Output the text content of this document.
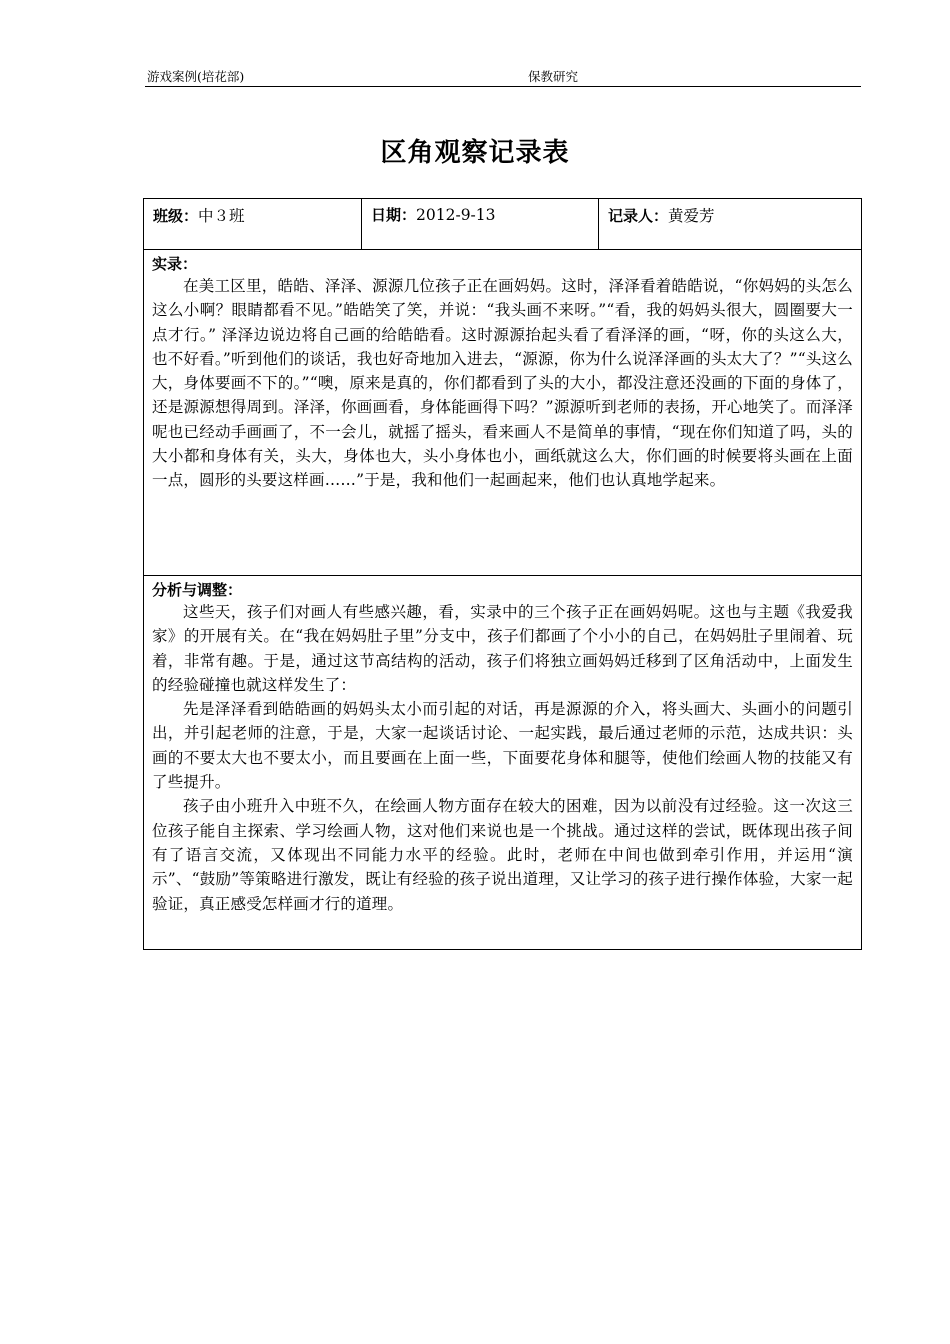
游戏案例(培花部)	保教研究
区角观察记录表
班级：中３班	日期：2012-9-13	记录人：黄爱芳
实录：

在美工区里，皓皓、泽泽、源源几位孩子正在画妈妈。这时，泽泽看着皓皓说，“你妈妈的头怎么这么小啊？眼睛都看不见。”皓皓笑了笑，并说：“我头画不来呀。”“看，我的妈妈头很大，圆圈要大一点才行。” 泽泽边说边将自己画的给皓皓看。这时源源抬起头看了看泽泽的画，“呀，你的头这么大，也不好看。”听到他们的谈话，我也好奇地加入进去，“源源，你为什么说泽泽画的头太大了？”“头这么大，身体要画不下的。”“噢，原来是真的，你们都看到了头的大小，都没注意还没画的下面的身体了，还是源源想得周到。泽泽，你画画看，身体能画得下吗？”源源听到老师的表扬，开心地笑了。而泽泽呢也已经动手画画了，不一会儿，就摇了摇头，看来画人不是简单的事情，“现在你们知道了吗，头的大小都和身体有关，头大，身体也大，头小身体也小，画纸就这么大，你们画的时候要将头画在上面一点，圆形的头要这样画……”于是，我和他们一起画起来，他们也认真地学起来。

分析与调整：

这些天，孩子们对画人有些感兴趣，看，实录中的三个孩子正在画妈妈呢。这也与主题《我爱我家》的开展有关。在“我在妈妈肚子里”分支中，孩子们都画了个小小的自己，在妈妈肚子里闹着、玩着，非常有趣。于是，通过这节高结构的活动，孩子们将独立画妈妈迁移到了区角活动中，上面发生的经验碰撞也就这样发生了：

先是泽泽看到皓皓画的妈妈头太小而引起的对话，再是源源的介入，将头画大、头画小的问题引出，并引起老师的注意，于是，大家一起谈话讨论、一起实践，最后通过老师的示范，达成共识：头画的不要太大也不要太小，而且要画在上面一些，下面要花身体和腿等，使他们绘画人物的技能又有了些提升。

孩子由小班升入中班不久，在绘画人物方面存在较大的困难，因为以前没有过经验。这一次这三位孩子能自主探索、学习绘画人物，这对他们来说也是一个挑战。通过这样的尝试，既体现出孩子间有了语言交流，又体现出不同能力水平的经验。此时，老师在中间也做到牵引作用，并运用“演示”、“鼓励”等策略进行激发，既让有经验的孩子说出道理，又让学习的孩子进行操作体验，大家一起验证，真正感受怎样画才行的道理。
